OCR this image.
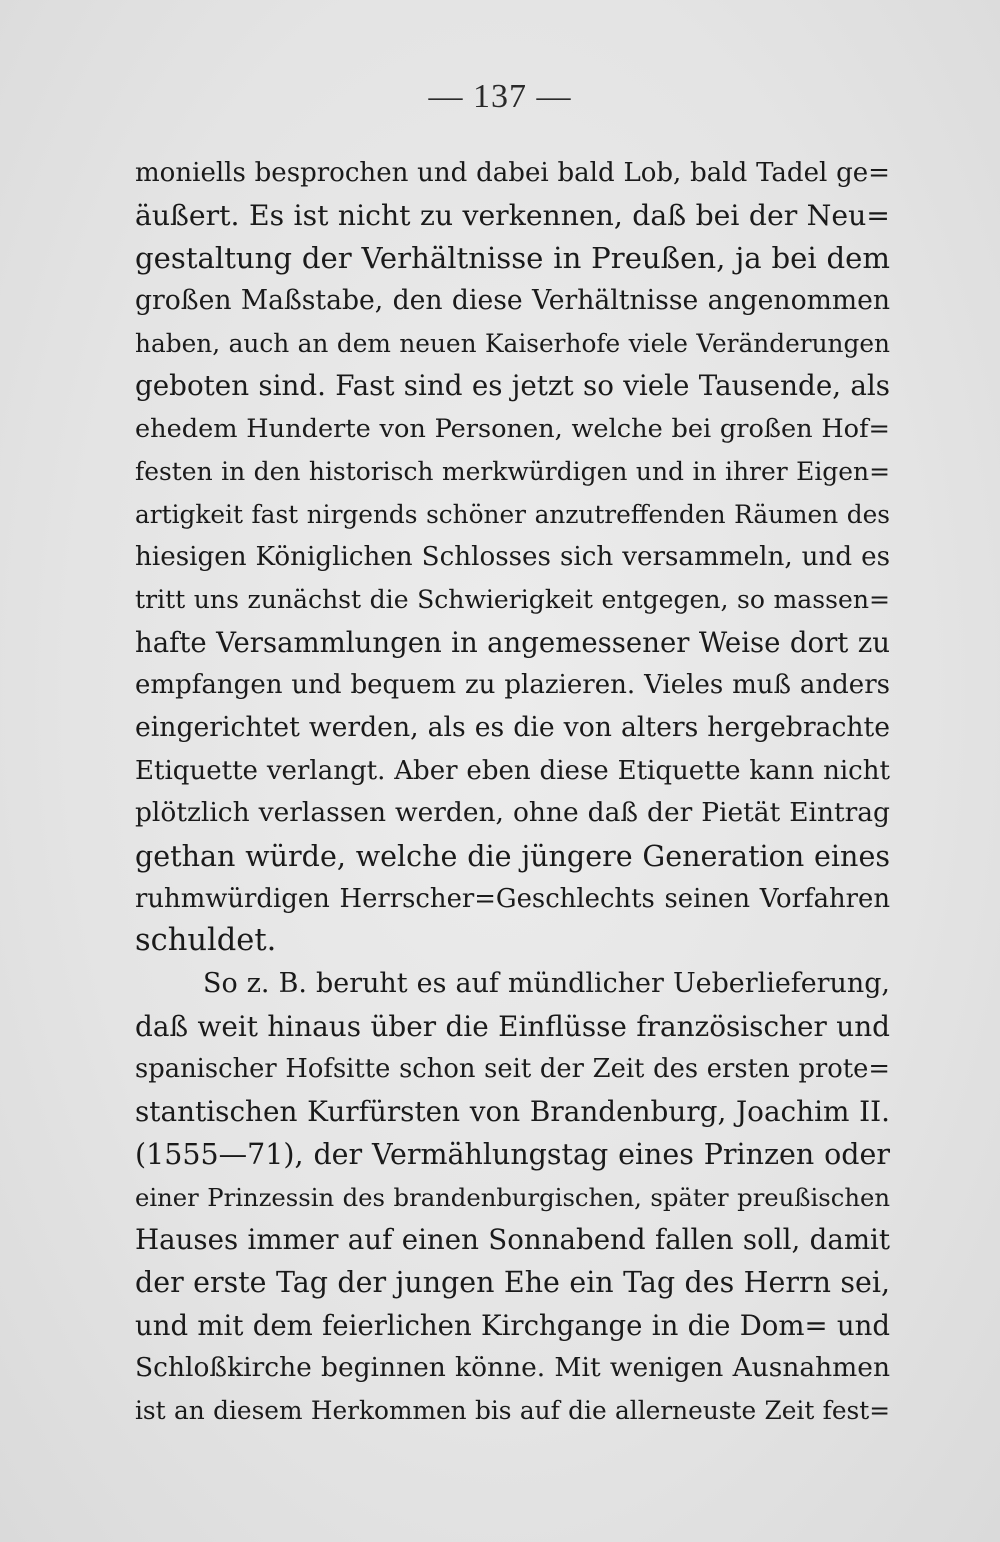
— 137 —
moniells besprochen und dabei bald Lob, bald Tadel ge=
äußert. Es ist nicht zu verkennen, daß bei der Neu=
gestaltung der Verhältnisse in Preußen, ja bei dem
großen Maßstabe, den diese Verhältnisse angenommen
haben, auch an dem neuen Kaiserhofe viele Veränderungen
geboten sind. Fast sind es jetzt so viele Tausende, als
ehedem Hunderte von Personen, welche bei großen Hof=
festen in den historisch merkwürdigen und in ihrer Eigen=
artigkeit fast nirgends schöner anzutreffenden Räumen des
hiesigen Königlichen Schlosses sich versammeln, und es
tritt uns zunächst die Schwierigkeit entgegen, so massen=
hafte Versammlungen in angemessener Weise dort zu
empfangen und bequem zu plazieren. Vieles muß anders
eingerichtet werden, als es die von alters hergebrachte
Etiquette verlangt. Aber eben diese Etiquette kann nicht
plötzlich verlassen werden, ohne daß der Pietät Eintrag
gethan würde, welche die jüngere Generation eines
ruhmwürdigen Herrscher=Geschlechts seinen Vorfahren
schuldet.
So z. B. beruht es auf mündlicher Ueberlieferung,
daß weit hinaus über die Einflüsse französischer und
spanischer Hofsitte schon seit der Zeit des ersten prote=
stantischen Kurfürsten von Brandenburg, Joachim II.
(1555—71), der Vermählungstag eines Prinzen oder
einer Prinzessin des brandenburgischen, später preußischen
Hauses immer auf einen Sonnabend fallen soll, damit
der erste Tag der jungen Ehe ein Tag des Herrn sei,
und mit dem feierlichen Kirchgange in die Dom= und
Schloßkirche beginnen könne. Mit wenigen Ausnahmen
ist an diesem Herkommen bis auf die allerneuste Zeit fest=
